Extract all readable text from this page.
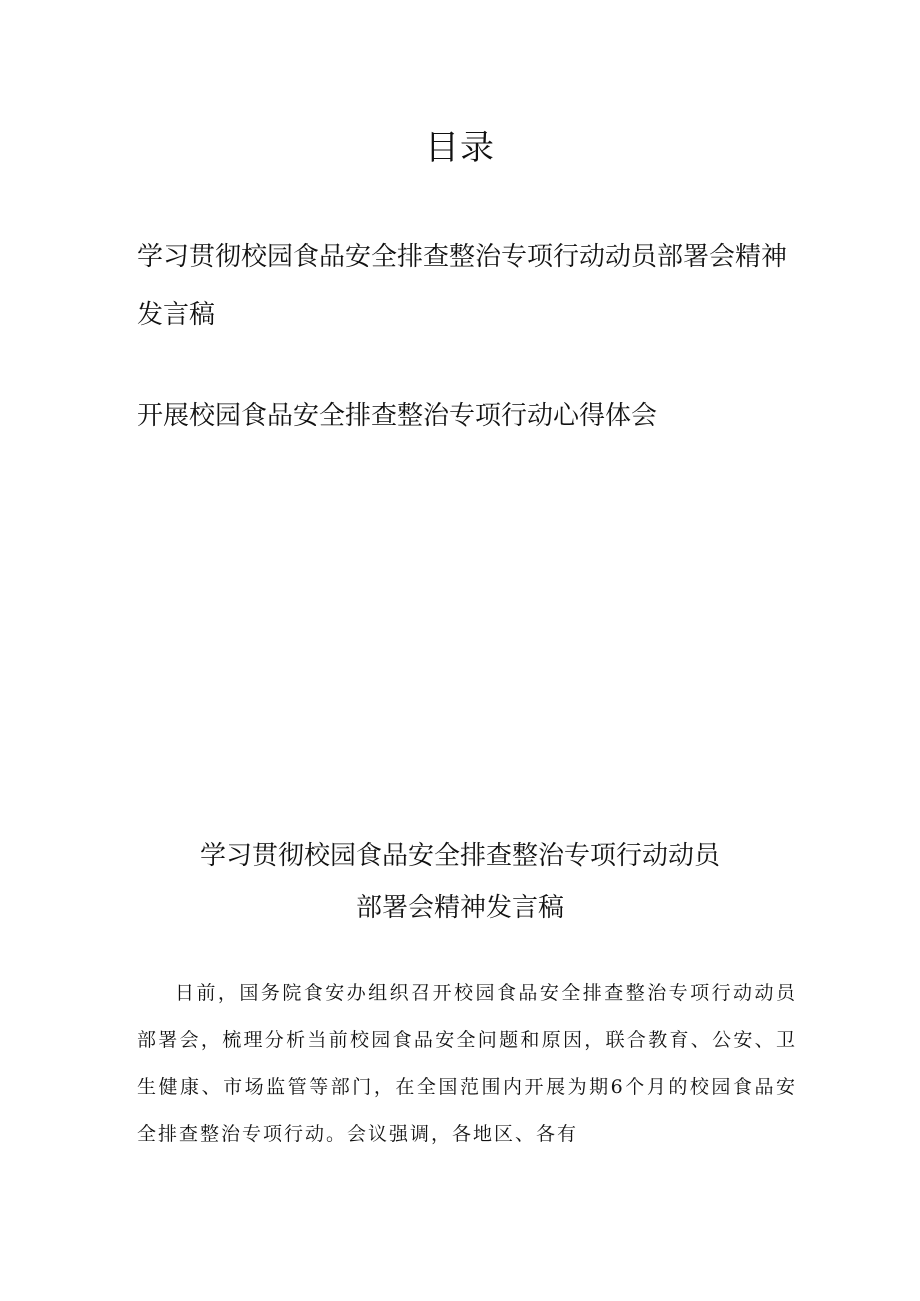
目录
学习贯彻校园食品安全排查整治专项行动动员部署会精神发言稿
开展校园食品安全排查整治专项行动心得体会
学习贯彻校园食品安全排查整治专项行动动员
部署会精神发言稿

日前，国务院食安办组织召开校园食品安全排查整治专项行动动员部署会，梳理分析当前校园食品安全问题和原因，联合教育、公安、卫生健康、市场监管等部门，在全国范围内开展为期6个月的校园食品安全排查整治专项行动。会议强调，各地区、各有
